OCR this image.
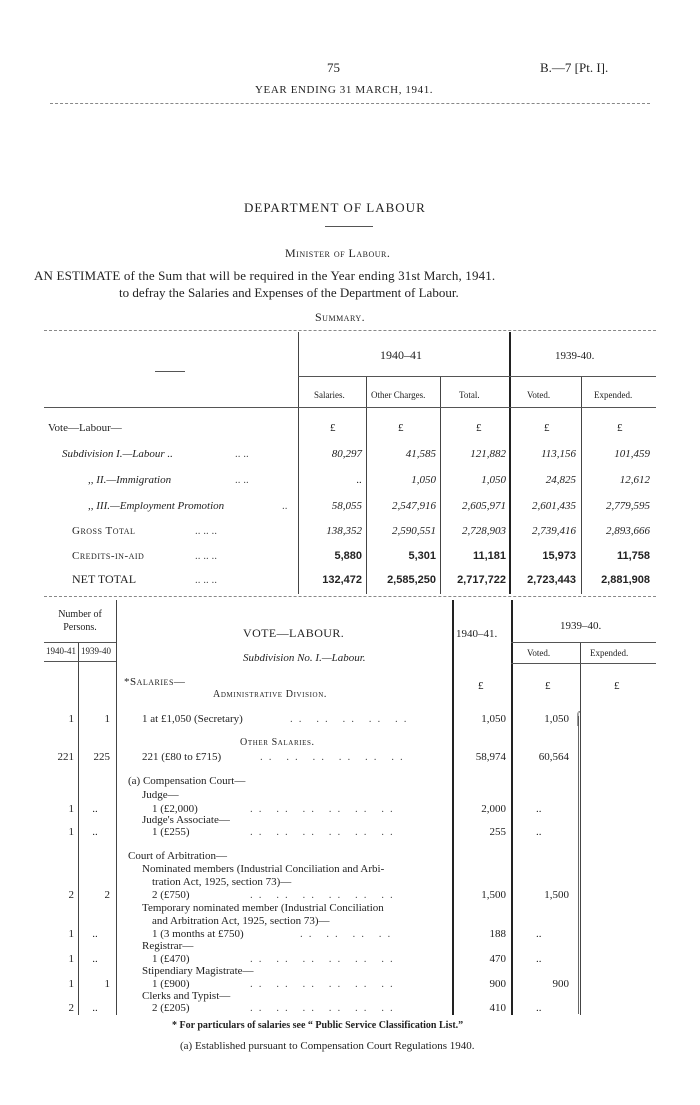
75	B.—7 [Pt. I].
YEAR ENDING 31 MARCH, 1941.
DEPARTMENT OF LABOUR
Minister of Labour.
AN ESTIMATE of the Sum that will be required in the Year ending 31st March, 1941.
to defray the Salaries and Expenses of the Department of Labour.
Summary.
1940–41	1939-40.
Salaries.	Other Charges.	Total.	Voted.	Expended.
Vote—Labour—	£	£	£	£	£
Subdivision I.—Labour ..	.. ..	80,297	41,585	121,882	113,156	101,459
,, II.—Immigration	.. ..	..	1,050	1,050	24,825	12,612
,, III.—Employment Promotion	..	58,055	2,547,916	2,605,971	2,601,435	2,779,595
Gross Total	.. .. ..	138,352	2,590,551	2,728,903	2,739,416	2,893,666
Credits-in-aid	.. .. ..	5,880	5,301	11,181	15,973	11,758
NET TOTAL	.. .. ..	132,472	2,585,250	2,717,722	2,723,443	2,881,908
Number of Persons.
1940-41 1939-40
VOTE—LABOUR.
Subdivision No. I.—Labour.
1940–41.
1939–40.
Voted.	Expended.
*Salaries—	£	£	£
Administrative Division.
1	1	1 at £1,050 (Secretary)	.. .. .. .. ..	1,050	1,050
Other Salaries.
221	225	221 (£80 to £715)	.. .. .. .. .. ..	58,974	60,564
(a) Compensation Court—
Judge—
1	..	1 (£2,000)	.. .. .. .. .. ..	2,000	..
Judge's Associate—
1	..	1 (£255)	.. .. .. .. .. ..	255	..
Court of Arbitration—
Nominated members (Industrial Conciliation and Arbi-
tration Act, 1925, section 73)—
2	2	2 (£750)	.. .. .. .. .. ..	1,500	1,500
Temporary nominated member (Industrial Conciliation
and Arbitration Act, 1925, section 73)—
1	..	1 (3 months at £750)	.. .. .. ..	188	..
Registrar—
1	..	1 (£470)	.. .. .. .. .. ..	470	..
Stipendiary Magistrate—
1	1	1 (£900)	.. .. .. .. .. ..	900	900
Clerks and Typist—
2	..	2 (£205)	.. .. .. .. .. ..	410	..
⌠
* For particulars of salaries see “ Public Service Classification List.”
(a) Established pursuant to Compensation Court Regulations 1940.
